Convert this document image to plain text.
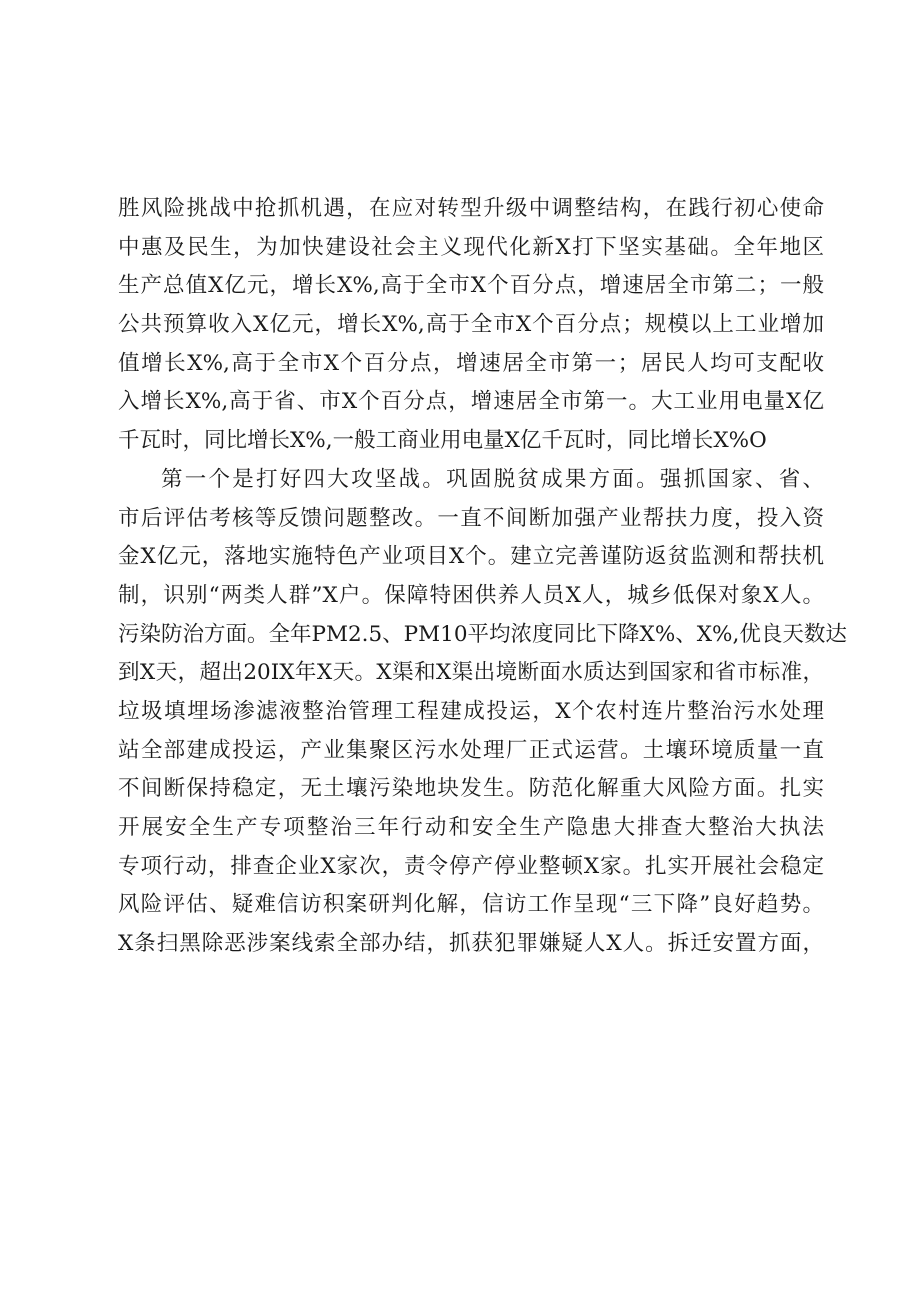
胜风险挑战中抢抓机遇，在应对转型升级中调整结构，在践行初心使命
中惠及民生，为加快建设社会主义现代化新X打下坚实基础。全年地区
生产总值X亿元，增长X%,高于全市X个百分点，增速居全市第二；一般
公共预算收入X亿元，增长X%,高于全市X个百分点；规模以上工业增加
值增长X%,高于全市X个百分点，增速居全市第一；居民人均可支配收
入增长X%,高于省、市X个百分点，增速居全市第一。大工业用电量X亿
千瓦时，同比增长X%,一般工商业用电量X亿千瓦时，同比增长X%O
第一个是打好四大攻坚战。巩固脱贫成果方面。强抓国家、省、
市后评估考核等反馈问题整改。一直不间断加强产业帮扶力度，投入资
金X亿元，落地实施特色产业项目X个。建立完善谨防返贫监测和帮扶机
制，识别“两类人群”X户。保障特困供养人员X人，城乡低保对象X人。
污染防治方面。全年PM2.5、PM10平均浓度同比下降X%、X%,优良天数达
到X天，超出20IX年X天。X渠和X渠出境断面水质达到国家和省市标准，
垃圾填埋场渗滤液整治管理工程建成投运，X个农村连片整治污水处理
站全部建成投运，产业集聚区污水处理厂正式运营。土壤环境质量一直
不间断保持稳定，无土壤污染地块发生。防范化解重大风险方面。扎实
开展安全生产专项整治三年行动和安全生产隐患大排查大整治大执法
专项行动，排查企业X家次，责令停产停业整顿X家。扎实开展社会稳定
风险评估、疑难信访积案研判化解，信访工作呈现“三下降”良好趋势。
X条扫黑除恶涉案线索全部办结，抓获犯罪嫌疑人X人。拆迁安置方面，
